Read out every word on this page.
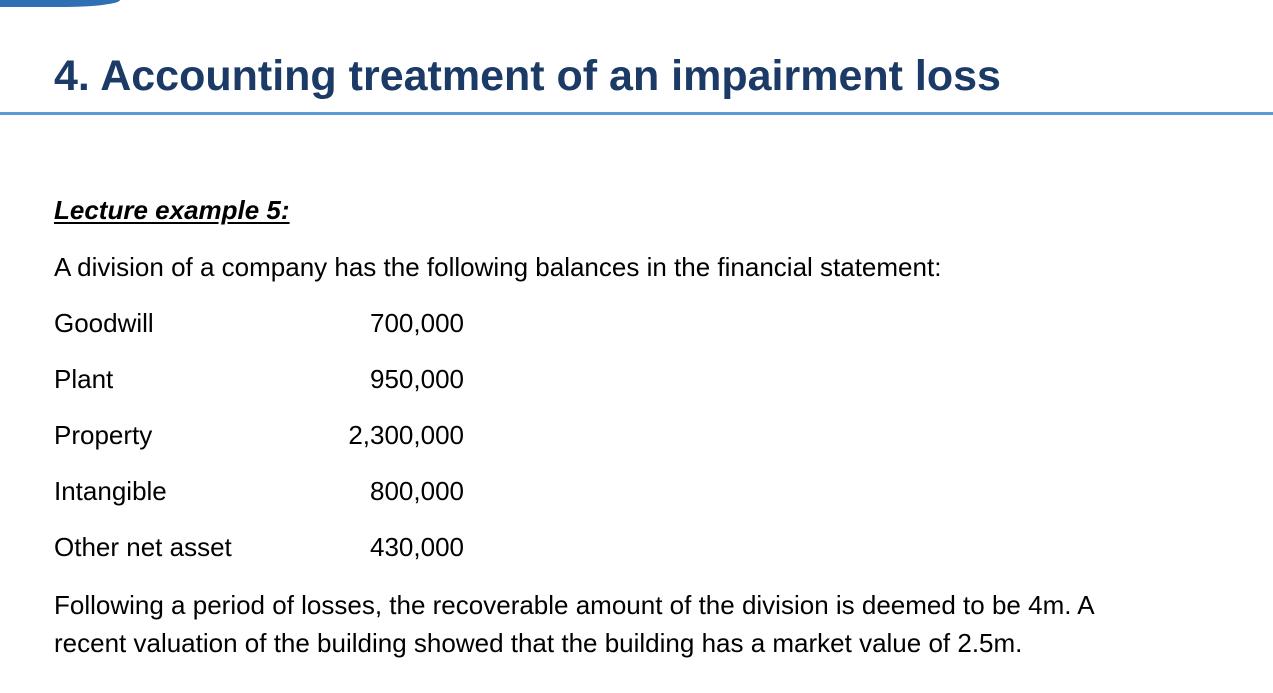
4. Accounting treatment of an impairment loss
Lecture example 5:

A division of a company has the following balances in the financial statement:

Goodwill	700,000
Plant	950,000
Property	2,300,000
Intangible	800,000
Other net asset	430,000

Following a period of losses, the recoverable amount of the division is deemed to be 4m. A
recent valuation of the building showed that the building has a market value of 2.5m.
